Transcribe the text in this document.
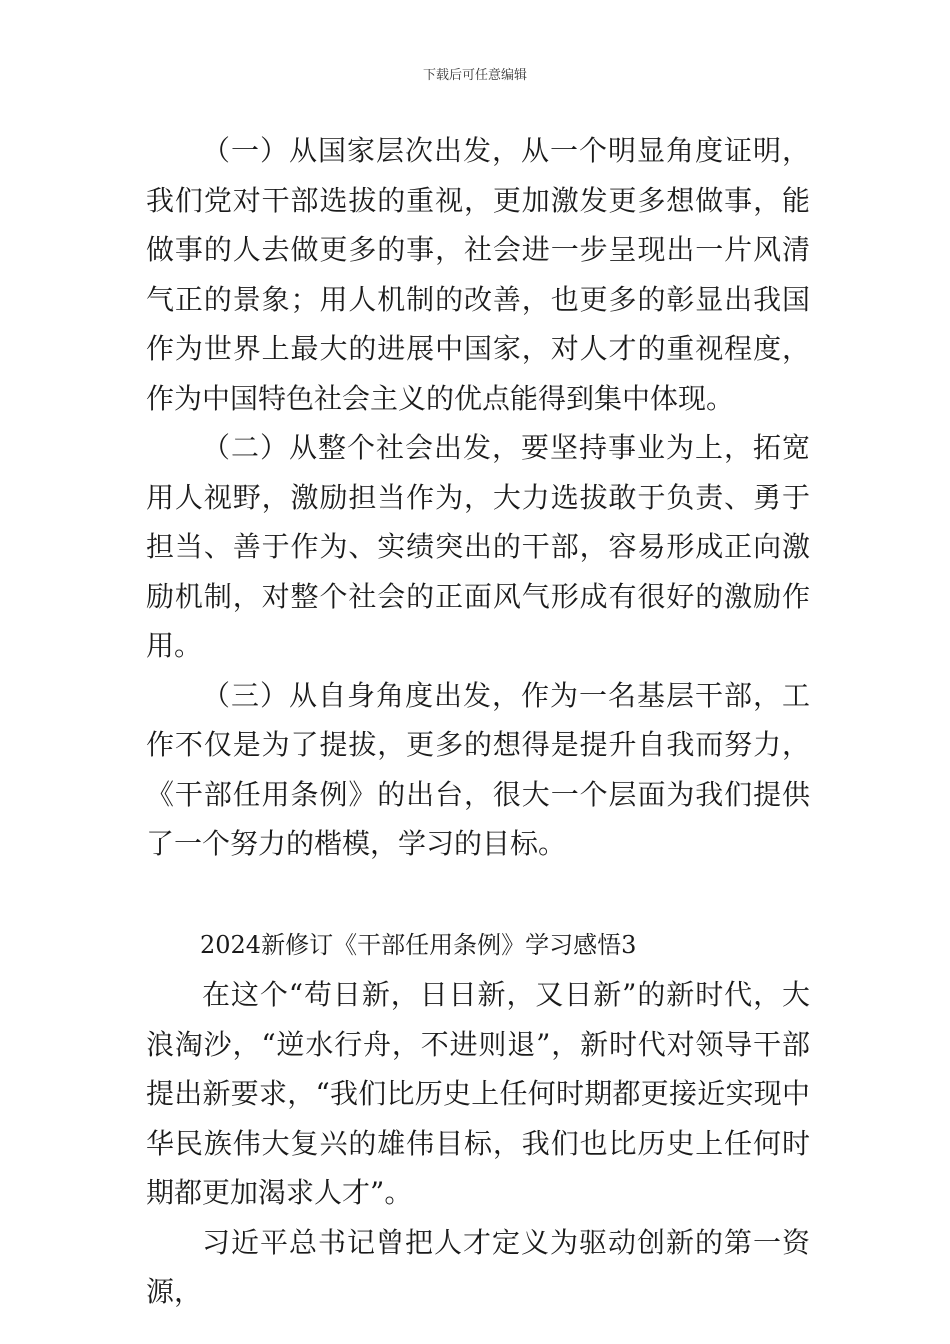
下载后可任意编辑

（一）从国家层次出发，从一个明显角度证明，我们党对干部选拔的重视，更加激发更多想做事，能做事的人去做更多的事，社会进一步呈现出一片风清气正的景象；用人机制的改善，也更多的彰显出我国作为世界上最大的进展中国家，对人才的重视程度，作为中国特色社会主义的优点能得到集中体现。

（二）从整个社会出发，要坚持事业为上，拓宽用人视野，激励担当作为，大力选拔敢于负责、勇于担当、善于作为、实绩突出的干部，容易形成正向激励机制，对整个社会的正面风气形成有很好的激励作用。

（三）从自身角度出发，作为一名基层干部，工作不仅是为了提拔，更多的想得是提升自我而努力，《干部任用条例》的出台，很大一个层面为我们提供了一个努力的楷模，学习的目标。

2024新修订《干部任用条例》学习感悟3

在这个“苟日新，日日新，又日新”的新时代，大浪淘沙，“逆水行舟，不进则退”，新时代对领导干部提出新要求，“我们比历史上任何时期都更接近实现中华民族伟大复兴的雄伟目标，我们也比历史上任何时期都更加渴求人才”。

习近平总书记曾把人才定义为驱动创新的第一资源，
